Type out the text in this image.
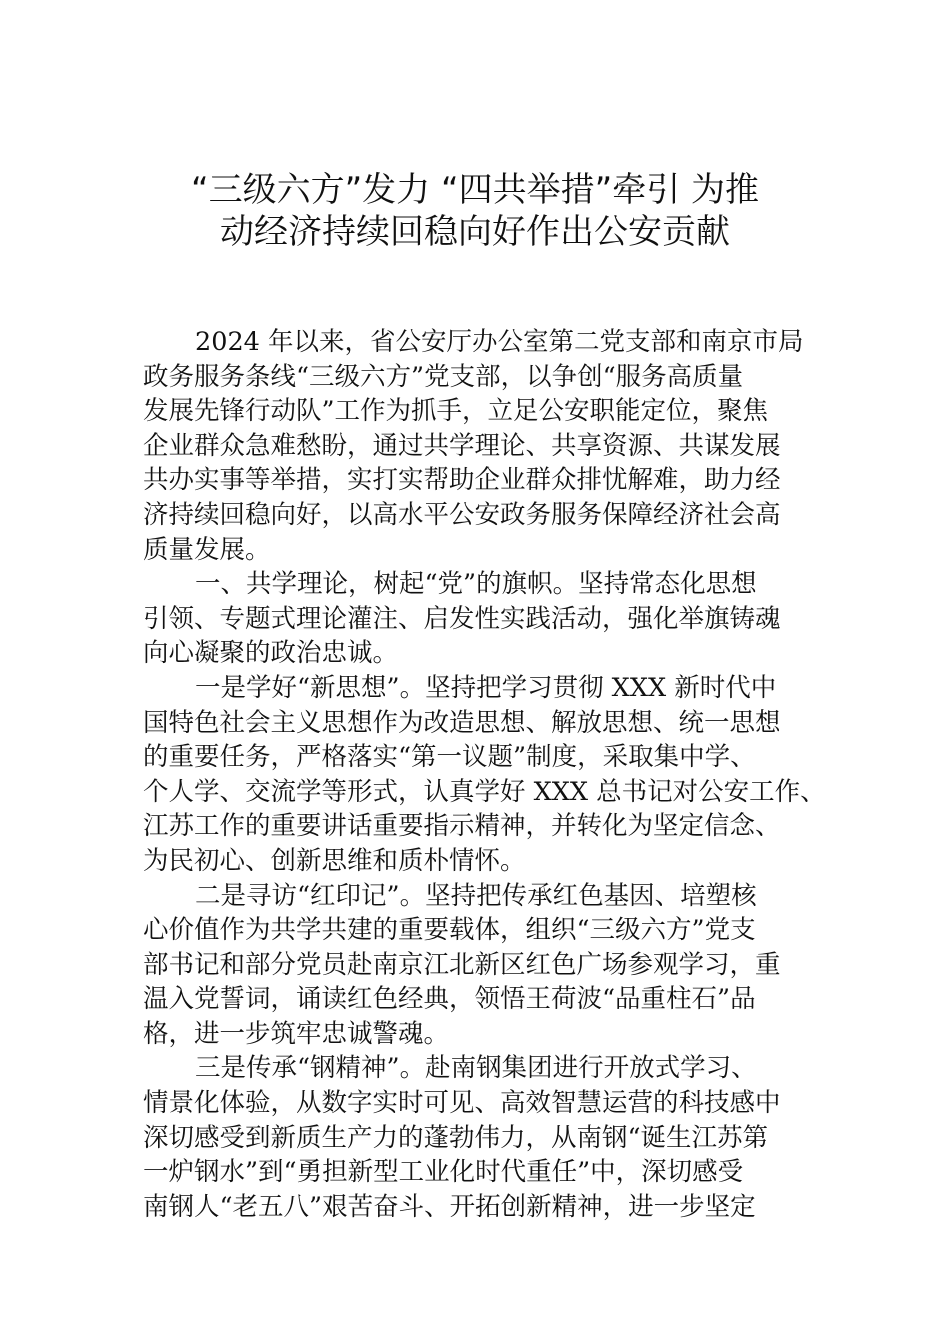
“三级六方”发力 “四共举措”牵引 为推
动经济持续回稳向好作出公安贡献
2024 年以来，省公安厅办公室第二党支部和南京市局
政务服务条线“三级六方”党支部，以争创“服务高质量
发展先锋行动队”工作为抓手，立足公安职能定位，聚焦
企业群众急难愁盼，通过共学理论、共享资源、共谋发展
共办实事等举措，实打实帮助企业群众排忧解难，助力经
济持续回稳向好，以高水平公安政务服务保障经济社会高
质量发展。
一、共学理论，树起“党”的旗帜。坚持常态化思想
引领、专题式理论灌注、启发性实践活动，强化举旗铸魂
向心凝聚的政治忠诚。
一是学好“新思想”。坚持把学习贯彻 XXX 新时代中
国特色社会主义思想作为改造思想、解放思想、统一思想
的重要任务，严格落实“第一议题”制度，采取集中学、
个人学、交流学等形式，认真学好 XXX 总书记对公安工作、
江苏工作的重要讲话重要指示精神，并转化为坚定信念、
为民初心、创新思维和质朴情怀。
二是寻访“红印记”。坚持把传承红色基因、培塑核
心价值作为共学共建的重要载体，组织“三级六方”党支
部书记和部分党员赴南京江北新区红色广场参观学习，重
温入党誓词，诵读红色经典，领悟王荷波“品重柱石”品
格，进一步筑牢忠诚警魂。
三是传承“钢精神”。赴南钢集团进行开放式学习、
情景化体验，从数字实时可见、高效智慧运营的科技感中
深切感受到新质生产力的蓬勃伟力，从南钢“诞生江苏第
一炉钢水”到“勇担新型工业化时代重任”中，深切感受
南钢人“老五八”艰苦奋斗、开拓创新精神，进一步坚定
